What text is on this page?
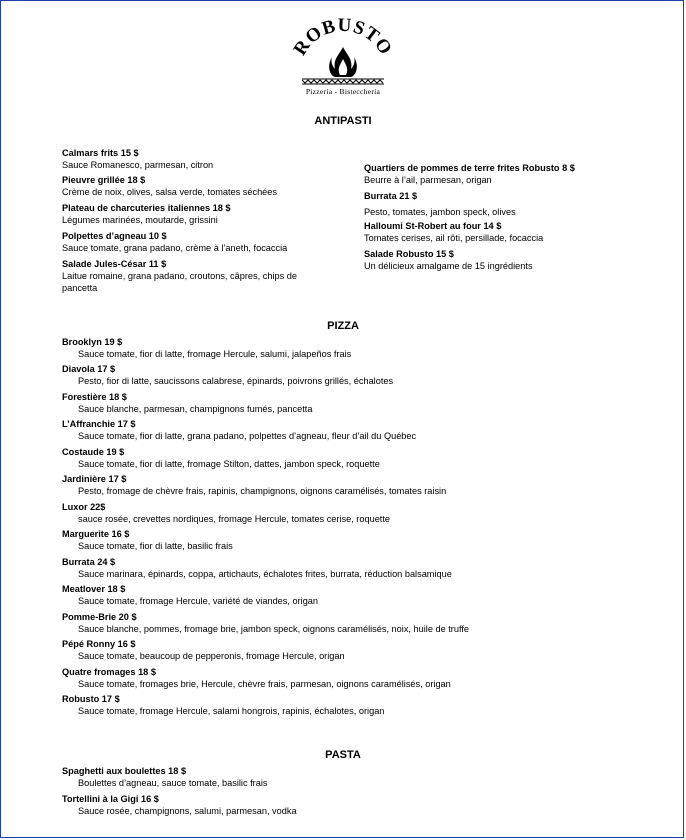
ROBUSTO
Pizzeria - Bistecchería
ANTIPASTI
Calmars frits 15 $
Sauce Romanesco, parmesan, citron
Pieuvre grillée 18 $
Crème de noix, olives, salsa verde, tomates séchées
Plateau de charcuteries italiennes 18 $
Légumes marinées, moutarde, grissini
Polpettes d’agneau 10 $
Sauce tomate, grana padano, crème à l’aneth, focaccia
Salade Jules-César 11 $
Laitue romaine, grana padano, croutons, câpres, chips de pancetta
Quartiers de pommes de terre frites Robusto 8 $
Beurre à l’ail, parmesan, origan
Burrata 21 $
Pesto, tomates, jambon speck, olives
Halloumi St-Robert au four 14 $
Tomates cerises, ail rôti, persillade, focaccia
Salade Robusto 15 $
Un délicieux amalgame de 15 ingrédients
PIZZA
Brooklyn 19 $
Sauce tomate, fior di latte, fromage Hercule, salumi, jalapeños frais
Diavola 17 $
Pesto, fior di latte, saucissons calabrese, épinards, poivrons grillés, échalotes
Forestière 18 $
Sauce blanche, parmesan, champignons fumés, pancetta
L’Affranchie 17 $
Sauce tomate, fior di latte, grana padano, polpettes d’agneau, fleur d’ail du Québec
Costaude 19 $
Sauce tomate, fior di latte, fromage Stilton, dattes, jambon speck, roquette
Jardinière 17 $
Pesto, fromage de chèvre frais, rapinis, champignons, oignons caramélisés, tomates raisin
Luxor 22$
sauce rosée, crevettes nordiques, fromage Hercule, tomates cerise, roquette
Marguerite 16 $
Sauce tomate, fior di latte, basilic frais
Burrata 24 $
Sauce marinara, épinards, coppa, artichauts, échalotes frites, burrata, réduction balsamique
Meatlover 18 $
Sauce tomate, fromage Hercule, variété de viandes, origan
Pomme-Brie 20 $
Sauce blanche, pommes, fromage brie, jambon speck, oignons caramélisés, noix, huile de truffe
Pépé Ronny 16 $
Sauce tomate, beaucoup de pepperonis, fromage Hercule, origan
Quatre fromages 18 $
Sauce tomate, fromages brie, Hercule, chèvre frais, parmesan, oignons caramélisés, origan
Robusto 17 $
Sauce tomate, fromage Hercule, salami hongrois, rapinis, échalotes, origan
PASTA
Spaghetti aux boulettes 18 $
Boulettes d’agneau, sauce tomate, basilic frais
Tortellini à la Gigi 16 $
Sauce rosée, champignons, salumi, parmesan, vodka
